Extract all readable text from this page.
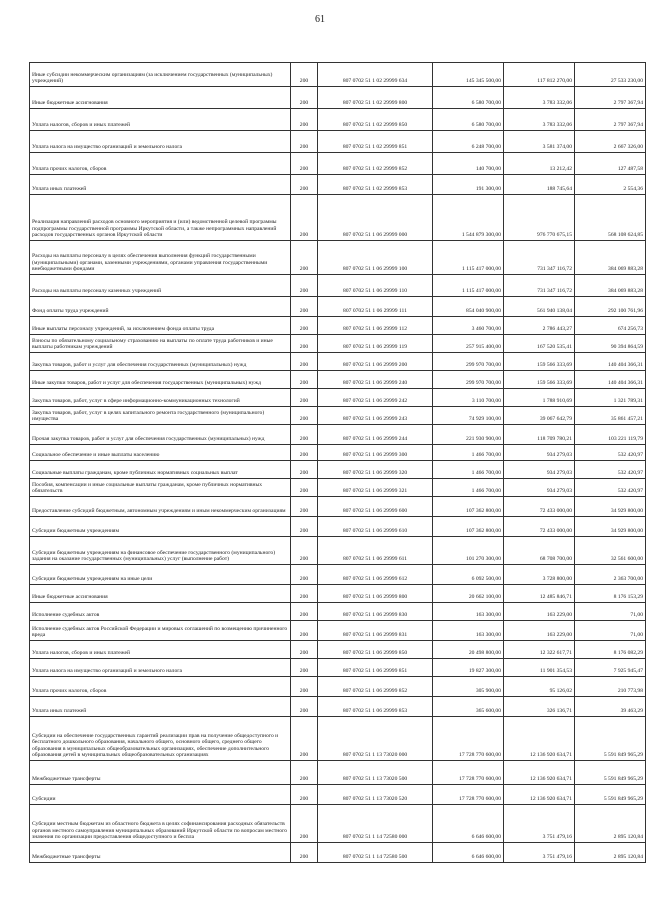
61
Иные субсидии некоммерческим организациям (за исключением государственных (муниципальных) учреждений)	200	807 0702 51 1 02 29999 634	145 345 500,00	117 812 270,00	27 533 230,00
Иные бюджетные ассигнования	200	807 0702 51 1 02 29999 800	6 580 700,00	3 783 332,06	2 797 367,94
Уплата налогов, сборов и иных платежей	200	807 0702 51 1 02 29999 850	6 580 700,00	3 783 332,06	2 797 367,94
Уплата налога на имущество организаций и земельного налога	200	807 0702 51 1 02 29999 851	6 248 700,00	3 581 374,00	2 667 326,00
Уплата прочих налогов, сборов	200	807 0702 51 1 02 29999 852	140 700,00	13 212,42	127 487,58
Уплата иных платежей	200	807 0702 51 1 02 29999 853	191 300,00	188 745,64	2 554,36
Реализация направлений расходов основного мероприятия и (или) ведомственной целевой программы подпрограммы государственной программы Иркутской области, а также непрограммных направлений расходов государственных органов Иркутской области	200	807 0702 51 1 06 29999 000	1 544 879 300,00	976 770 675,15	568 108 624,85
Расходы на выплаты персоналу в целях обеспечения выполнения функций государственными (муниципальными) органами, казенными учреждениями, органами управления государственными внебюджетными фондами	200	807 0702 51 1 06 29999 100	1 115 417 000,00	731 347 116,72	384 069 883,28
Расходы на выплаты персоналу казенных учреждений	200	807 0702 51 1 06 29999 110	1 115 417 000,00	731 347 116,72	384 069 883,28
Фонд оплаты труда учреждений	200	807 0702 51 1 06 29999 111	854 040 900,00	561 940 138,04	292 100 761,96
Иные выплаты персоналу учреждений, за исключением фонда оплаты труда	200	807 0702 51 1 06 29999 112	3 460 700,00	2 786 443,27	674 256,73
Взносы по обязательному социальному страхованию на выплаты по оплате труда работников и иные выплаты работникам учреждений	200	807 0702 51 1 06 29999 119	257 915 400,00	167 520 535,41	90 394 864,59
Закупка товаров, работ и услуг для обеспечения государственных (муниципальных) нужд	200	807 0702 51 1 06 29999 200	299 970 700,00	159 566 333,69	140 404 366,31
Иные закупки товаров, работ и услуг для обеспечения государственных (муниципальных) нужд	200	807 0702 51 1 06 29999 240	299 970 700,00	159 566 333,69	140 404 366,31
Закупка товаров, работ, услуг в сфере информационно-коммуникационных технологий	200	807 0702 51 1 06 29999 242	3 110 700,00	1 788 910,69	1 321 789,31
Закупка товаров, работ, услуг в целях капитального ремонта государственного (муниципального) имущества	200	807 0702 51 1 06 29999 243	74 929 100,00	39 067 642,79	35 861 457,21
Прочая закупка товаров, работ и услуг для обеспечения государственных (муниципальных) нужд	200	807 0702 51 1 06 29999 244	221 930 900,00	118 709 780,21	103 221 119,79
Социальное обеспечение и иные выплаты населению	200	807 0702 51 1 06 29999 300	1 466 700,00	934 279,03	532 420,97
Социальные выплаты гражданам, кроме публичных нормативных социальных выплат	200	807 0702 51 1 06 29999 320	1 466 700,00	934 279,03	532 420,97
Пособия, компенсации и иные социальные выплаты гражданам, кроме публичных нормативных обязательств	200	807 0702 51 1 06 29999 321	1 466 700,00	934 279,03	532 420,97
Предоставление субсидий бюджетным, автономным учреждениям и иным некоммерческим организациям	200	807 0702 51 1 06 29999 600	107 362 800,00	72 433 000,00	34 929 800,00
Субсидии бюджетным учреждениям	200	807 0702 51 1 06 29999 610	107 362 800,00	72 433 000,00	34 929 800,00
Субсидии бюджетным учреждениям на финансовое обеспечение государственного (муниципального) задания на оказание государственных (муниципальных) услуг (выполнение работ)	200	807 0702 51 1 06 29999 611	101 270 300,00	68 708 700,00	32 561 600,00
Субсидии бюджетным учреждениям на иные цели	200	807 0702 51 1 06 29999 612	6 092 500,00	3 728 800,00	2 363 700,00
Иные бюджетные ассигнования	200	807 0702 51 1 06 29999 800	20 662 100,00	12 485 846,71	8 176 153,29
Исполнение судебных актов	200	807 0702 51 1 06 29999 830	163 300,00	163 229,00	71,00
Исполнение судебных актов Российской Федерации и мировых соглашений по возмещению причиненного вреда	200	807 0702 51 1 06 29999 831	163 300,00	163 229,00	71,00
Уплата налогов, сборов и иных платежей	200	807 0702 51 1 06 29999 850	20 498 800,00	12 322 617,71	8 176 082,29
Уплата налога на имущество организаций и земельного налога	200	807 0702 51 1 06 29999 851	19 827 300,00	11 901 354,53	7 925 945,47
Уплата прочих налогов, сборов	200	807 0702 51 1 06 29999 852	305 900,00	95 126,02	210 773,98
Уплата иных платежей	200	807 0702 51 1 06 29999 853	365 600,00	326 136,71	39 463,29
Субсидии на обеспечение государственных гарантий реализации прав на получение общедоступного и бесплатного дошкольного образования, начального общего, основного общего, среднего общего образования в муниципальных общеобразовательных организациях, обеспечение дополнительного образования детей в муниципальных общеобразовательных организациях	200	807 0702 51 1 13 73020 000	17 728 770 600,00	12 136 920 634,71	5 591 849 965,29
Межбюджетные трансферты	200	807 0702 51 1 13 73020 500	17 728 770 600,00	12 136 920 634,71	5 591 849 965,29
Субсидии	200	807 0702 51 1 13 73020 520	17 728 770 600,00	12 136 920 634,71	5 591 849 965,29
Субсидии местным бюджетам из областного бюджета в целях софинансирования расходных обязательств органов местного самоуправления муниципальных образований Иркутской области по вопросам местного значения по организации предоставления общедоступного и беспла	200	807 0702 51 1 14 72580 000	6 646 600,00	3 751 479,16	2 895 120,84
Межбюджетные трансферты	200	807 0702 51 1 14 72580 500	6 646 600,00	3 751 479,16	2 895 120,84
